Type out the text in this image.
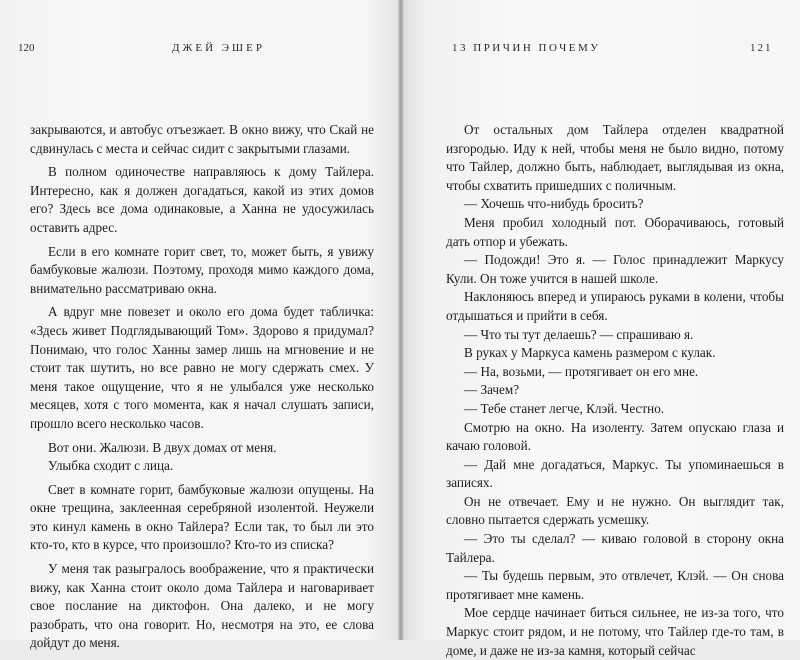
120	ДЖЕЙ ЭШЕР

закрываются, и автобус отъезжает. В окно вижу, что Скай не сдвинулась с места и сейчас сидит с закрытыми глазами.

В полном одиночестве направляюсь к дому Тайлера. Интересно, как я должен догадаться, какой из этих домов его? Здесь все дома одинаковые, а Ханна не удосужилась оставить адрес.

Если в его комнате горит свет, то, может быть, я увижу бамбуковые жалюзи. Поэтому, проходя мимо каждого дома, внимательно рассматриваю окна.

А вдруг мне повезет и около его дома будет табличка: «Здесь живет Подглядывающий Том». Здорово я придумал? Понимаю, что голос Ханны замер лишь на мгновение и не стоит так шутить, но все равно не могу сдержать смех. У меня такое ощущение, что я не улыбался уже несколько месяцев, хотя с того момента, как я начал слушать записи, прошло всего несколько часов.

Вот они. Жалюзи. В двух домах от меня.

Улыбка сходит с лица.

Свет в комнате горит, бамбуковые жалюзи опущены. На окне трещина, заклеенная серебряной изолентой. Неужели это кинул камень в окно Тайлера? Если так, то был ли это кто-то, кто в курсе, что произошло? Кто-то из списка?

У меня так разыгралось воображение, что я практически вижу, как Ханна стоит около дома Тайлера и наговаривает свое послание на диктофон. Она далеко, и не могу разобрать, что она говорит. Но, несмотря на это, ее слова дойдут до меня.

13 ПРИЧИН ПОЧЕМУ	121

От остальных дом Тайлера отделен квадратной изгородью. Иду к ней, чтобы меня не было видно, потому что Тайлер, должно быть, наблюдает, выглядывая из окна, чтобы схватить пришедших с поличным.

— Хочешь что-нибудь бросить?

Меня пробил холодный пот. Оборачиваюсь, готовый дать отпор и убежать.

— Подожди! Это я. — Голос принадлежит Маркусу Кули. Он тоже учится в нашей школе.

Наклоняюсь вперед и упираюсь руками в колени, чтобы отдышаться и прийти в себя.

— Что ты тут делаешь? — спрашиваю я.

В руках у Маркуса камень размером с кулак.

— На, возьми, — протягивает он его мне.

— Зачем?

— Тебе станет легче, Клэй. Честно.

Смотрю на окно. На изоленту. Затем опускаю глаза и качаю головой.

— Дай мне догадаться, Маркус. Ты упоминаешься в записях.

Он не отвечает. Ему и не нужно. Он выглядит так, словно пытается сдержать усмешку.

— Это ты сделал? — киваю головой в сторону окна Тайлера.

— Ты будешь первым, это отвлечет, Клэй. — Он снова протягивает мне камень.

Мое сердце начинает биться сильнее, не из-за того, что Маркус стоит рядом, и не потому, что Тайлер где-то там, в доме, и даже не из-за камня, который сейчас
